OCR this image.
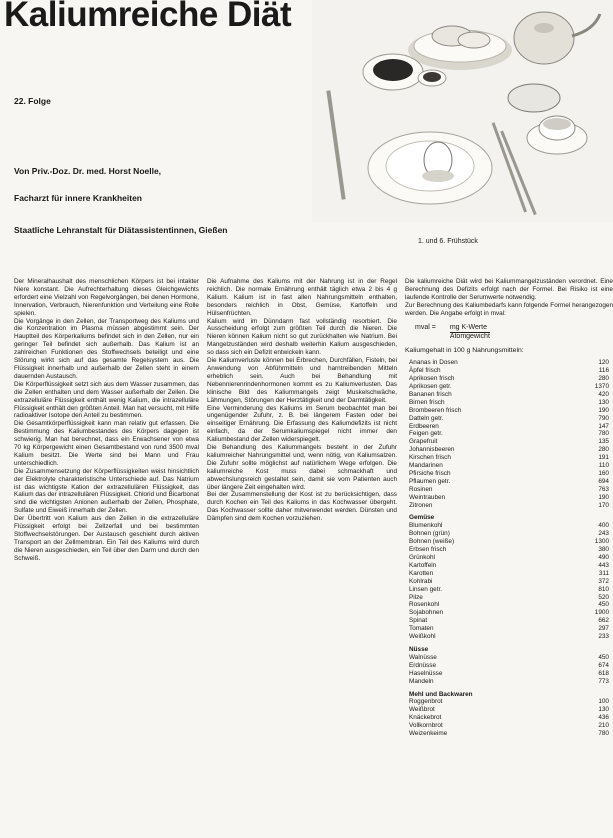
Kaliumreiche Diät
22. Folge
Von Priv.-Doz. Dr. med. Horst Noelle,
Facharzt für innere Krankheiten
Staatliche Lehranstalt für Diätassistentinnen, Gießen
1. und 6. Frühstück

Der Mineralhaushalt des menschlichen Körpers ist bei intakter Niere konstant. Die Aufrechterhaltung dieses Gleichgewichts erfordert eine Vielzahl von Regelvorgängen, bei denen Hormone, Innervation, Verbrauch, Nierenfunktion und Verteilung eine Rolle spielen.

Die Vorgänge in den Zellen, der Transportweg des Kaliums und die Konzentration im Plasma müssen abgestimmt sein. Der Hauptteil des Körperkaliums befindet sich in den Zellen, nur ein geringer Teil befindet sich außerhalb. Das Kalium ist an zahlreichen Funktionen des Stoffwechsels beteiligt und eine Störung wirkt sich auf das gesamte Regelsystem aus. Die Flüssigkeit innerhalb und außerhalb der Zellen steht in einem dauernden Austausch.

Die Körperflüssigkeit setzt sich aus dem Wasser zusammen, das die Zellen enthalten und dem Wasser außerhalb der Zellen. Die extrazelluläre Flüssigkeit enthält wenig Kalium, die intrazelluläre Flüssigkeit enthält den größten Anteil. Man hat versucht, mit Hilfe radioaktiver Isotope den Anteil zu bestimmen.

Die Gesamtkörperflüssigkeit kann man relativ gut erfassen. Die Bestimmung des Kaliumbestandes des Körpers dagegen ist schwierig. Man hat berechnet, dass ein Erwachsener von etwa 70 kg Körpergewicht einen Gesamtbestand von rund 3500 mval Kalium besitzt. Die Werte sind bei Mann und Frau unterschiedlich.

Die Zusammensetzung der Körperflüssigkeiten weist hinsichtlich der Elektrolyte charakteristische Unterschiede auf. Das Natrium ist das wichtigste Kation der extrazellulären Flüssigkeit, das Kalium das der intrazellulären Flüssigkeit. Chlorid und Bicarbonat sind die wichtigsten Anionen außerhalb der Zellen, Phosphate, Sulfate und Eiweiß innerhalb der Zellen.

Der Übertritt von Kalium aus den Zellen in die extrazelluläre Flüssigkeit erfolgt bei Zellzerfall und bei bestimmten Stoffwechselstörungen. Der Austausch geschieht durch aktiven Transport an der Zellmembran. Ein Teil des Kaliums wird durch die Nieren ausgeschieden, ein Teil über den Darm und durch den Schweiß.

Die Aufnahme des Kaliums mit der Nahrung ist in der Regel reichlich. Die normale Ernährung enthält täglich etwa 2 bis 4 g Kalium. Kalium ist in fast allen Nahrungsmitteln enthalten, besonders reichlich in Obst, Gemüse, Kartoffeln und Hülsenfrüchten.

Kalium wird im Dünndarm fast vollständig resorbiert. Die Ausscheidung erfolgt zum größten Teil durch die Nieren. Die Nieren können Kalium nicht so gut zurückhalten wie Natrium. Bei Mangelzuständen wird deshalb weiterhin Kalium ausgeschieden, so dass sich ein Defizit entwickeln kann.

Die Kaliumverluste können bei Erbrechen, Durchfällen, Fisteln, bei Anwendung von Abführmitteln und harntreibenden Mitteln erheblich sein. Auch bei Behandlung mit Nebennierenrindenhormonen kommt es zu Kaliumverlusten. Das klinische Bild des Kaliummangels zeigt Muskelschwäche, Lähmungen, Störungen der Herztätigkeit und der Darmtätigkeit.

Eine Verminderung des Kaliums im Serum beobachtet man bei ungenügender Zufuhr, z. B. bei längerem Fasten oder bei einseitiger Ernährung. Die Erfassung des Kaliumdefizits ist nicht einfach, da der Serumkaliumspiegel nicht immer den Kaliumbestand der Zellen widerspiegelt.

Die Behandlung des Kaliummangels besteht in der Zufuhr kaliumreicher Nahrungsmittel und, wenn nötig, von Kaliumsalzen. Die Zufuhr sollte möglichst auf natürlichem Wege erfolgen. Die kaliumreiche Kost muss dabei schmackhaft und abwechslungsreich gestaltet sein, damit sie vom Patienten auch über längere Zeit eingehalten wird.

Bei der Zusammenstellung der Kost ist zu berücksichtigen, dass durch Kochen ein Teil des Kaliums in das Kochwasser übergeht. Das Kochwasser sollte daher mitverwendet werden. Dünsten und Dämpfen sind dem Kochen vorzuziehen.

Die kaliumreiche Diät wird bei Kaliummangelzuständen verordnet. Eine Berechnung des Defizits erfolgt nach der Formel. Bei Risiko ist eine laufende Kontrolle der Serumwerte notwendig.

Zur Berechnung des Kaliumbedarfs kann folgende Formel herangezogen werden. Die Angabe erfolgt in mval:

mval = $\frac{\text{mg K-Werte}}{\text{Atomgewicht}}$
Kaliumgehalt in 100 g Nahrungsmitteln:
Ananas in Dosen	120
Äpfel frisch	116
Aprikosen frisch	280
Aprikosen getr.	1370
Bananen frisch	420
Birnen frisch	130
Brombeeren frisch	190
Datteln getr.	790
Erdbeeren	147
Feigen getr.	780
Grapefruit	135
Johannisbeeren	280
Kirschen frisch	191
Mandarinen	110
Pfirsiche frisch	160
Pflaumen getr.	694
Rosinen	763
Weintrauben	190
Zitronen	170
Gemüse	
Blumenkohl	400
Bohnen (grün)	243
Bohnen (weiße)	1300
Erbsen frisch	380
Grünkohl	490
Kartoffeln	443
Karotten	311
Kohlrabi	372
Linsen getr.	810
Pilze	520
Rosenkohl	450
Sojabohnen	1900
Spinat	662
Tomaten	297
Weißkohl	233
Nüsse	
Walnüsse	450
Erdnüsse	674
Haselnüsse	618
Mandeln	773
Mehl und Backwaren	
Roggenbrot	100
Weißbrot	130
Knäckebrot	436
Vollkornbrot	210
Weizenkeime	780
